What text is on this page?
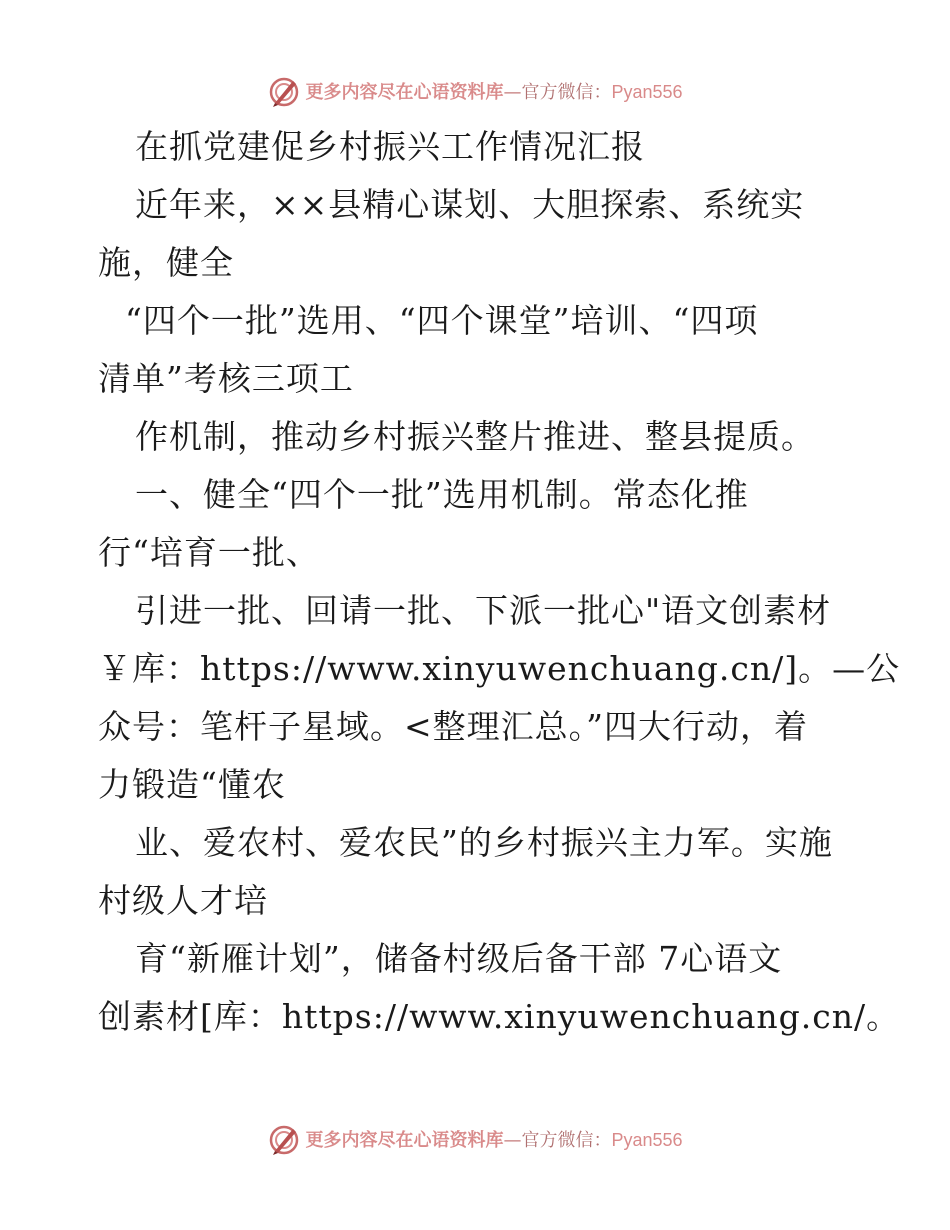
更多内容尽在心语资料库—官方微信：Pyan556
在抓党建促乡村振兴工作情况汇报
近年来，××县精心谋划、大胆探索、系统实
施，健全
“四个一批”选用、“四个课堂”培训、“四项
清单”考核三项工
作机制，推动乡村振兴整片推进、整县提质。
一、健全“四个一批”选用机制。常态化推
行“培育一批、
引进一批、回请一批、下派一批心"语文创素材
￥库：https://www.xinyuwenchuang.cn/]。—公
众号：笔杆子星域。<整理汇总。”四大行动，着
力锻造“懂农
业、爱农村、爱农民”的乡村振兴主力军。实施
村级人才培
育“新雁计划”，储备村级后备干部 7心语文
创素材[库：https://www.xinyuwenchuang.cn/。
更多内容尽在心语资料库—官方微信：Pyan556
